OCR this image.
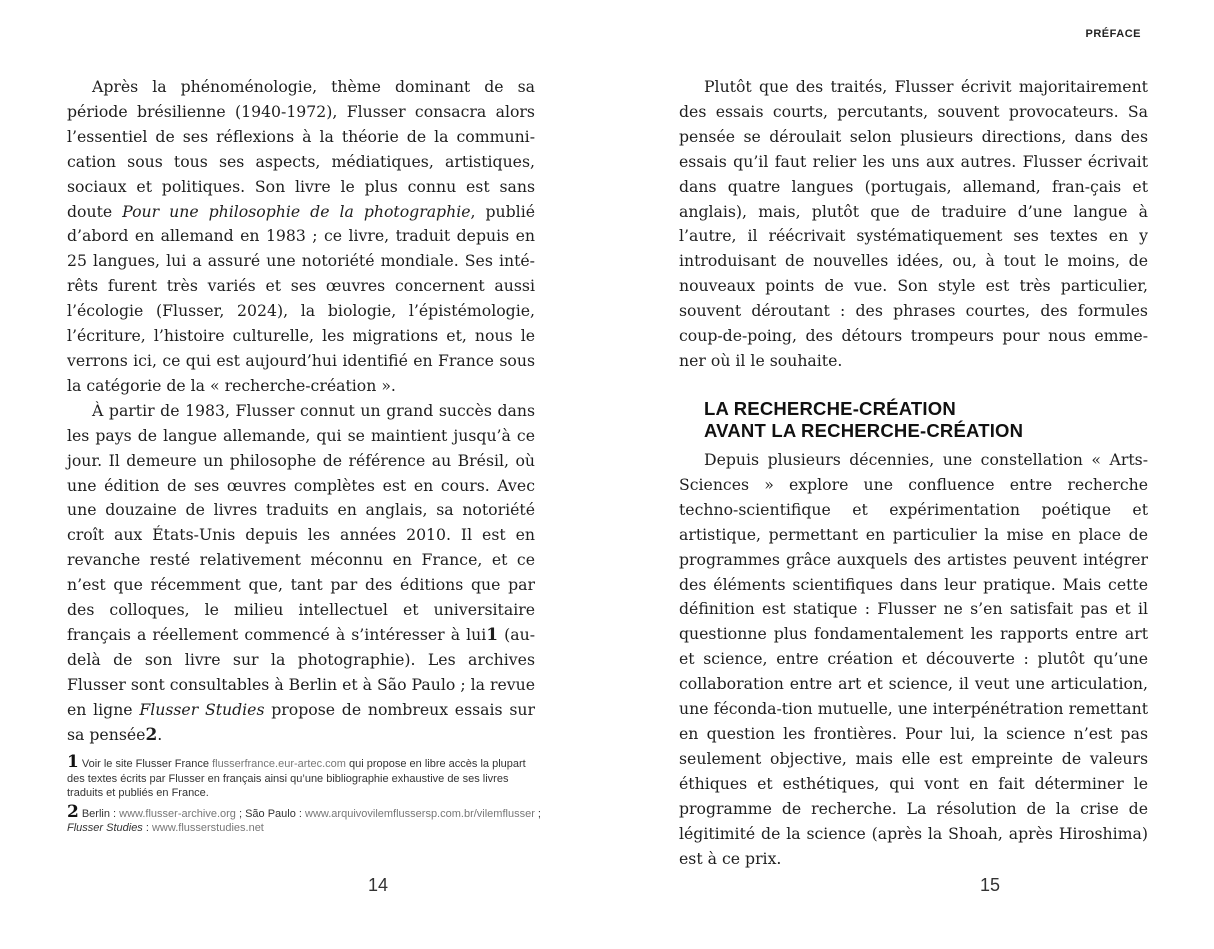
Après la phénoménologie, thème dominant de sa période brésilienne (1940-1972), Flusser consacra alors l’essentiel de ses réflexions à la théorie de la communi-cation sous tous ses aspects, médiatiques, artistiques, sociaux et politiques. Son livre le plus connu est sans doute Pour une philosophie de la photographie, publié d’abord en allemand en 1983 ; ce livre, traduit depuis en 25 langues, lui a assuré une notoriété mondiale. Ses inté-rêts furent très variés et ses œuvres concernent aussi l’écologie (Flusser, 2024), la biologie, l’épistémologie, l’écriture, l’histoire culturelle, les migrations et, nous le verrons ici, ce qui est aujourd’hui identifié en France sous la catégorie de la « recherche-création ».

À partir de 1983, Flusser connut un grand succès dans les pays de langue allemande, qui se maintient jusqu’à ce jour. Il demeure un philosophe de référence au Brésil, où une édition de ses œuvres complètes est en cours. Avec une douzaine de livres traduits en anglais, sa notoriété croît aux États-Unis depuis les années 2010. Il est en revanche resté relativement méconnu en France, et ce n’est que récemment que, tant par des éditions que par des colloques, le milieu intellectuel et universitaire français a réellement commencé à s’intéresser à lui1 (au-delà de son livre sur la photographie). Les archives Flusser sont consultables à Berlin et à São Paulo ; la revue en ligne Flusser Studies propose de nombreux essais sur sa pensée2.

1 Voir le site Flusser France flusserfrance.eur-artec.com qui propose en libre accès la plupart des textes écrits par Flusser en français ainsi qu’une bibliographie exhaustive de ses livres traduits et publiés en France.
2 Berlin : www.flusser-archive.org ; São Paulo : www.arquivovilemflussersp.com.br/vilemflusser ; Flusser Studies : www.flusserstudies.net
14
PRÉFACE

Plutôt que des traités, Flusser écrivit majoritairement des essais courts, percutants, souvent provocateurs. Sa pensée se déroulait selon plusieurs directions, dans des essais qu’il faut relier les uns aux autres. Flusser écrivait dans quatre langues (portugais, allemand, fran-çais et anglais), mais, plutôt que de traduire d’une langue à l’autre, il réécrivait systématiquement ses textes en y introduisant de nouvelles idées, ou, à tout le moins, de nouveaux points de vue. Son style est très particulier, souvent déroutant : des phrases courtes, des formules coup-de-poing, des détours trompeurs pour nous emme-ner où il le souhaite.

LA RECHERCHE-CRÉATION
AVANT LA RECHERCHE-CRÉATION

Depuis plusieurs décennies, une constellation « Arts-Sciences » explore une confluence entre recherche techno-scientifique et expérimentation poétique et artistique, permettant en particulier la mise en place de programmes grâce auxquels des artistes peuvent intégrer des éléments scientifiques dans leur pratique. Mais cette définition est statique : Flusser ne s’en satisfait pas et il questionne plus fondamentalement les rapports entre art et science, entre création et découverte : plutôt qu’une collaboration entre art et science, il veut une articulation, une féconda-tion mutuelle, une interpénétration remettant en question les frontières. Pour lui, la science n’est pas seulement objective, mais elle est empreinte de valeurs éthiques et esthétiques, qui vont en fait déterminer le programme de recherche. La résolution de la crise de légitimité de la science (après la Shoah, après Hiroshima) est à ce prix.

15
